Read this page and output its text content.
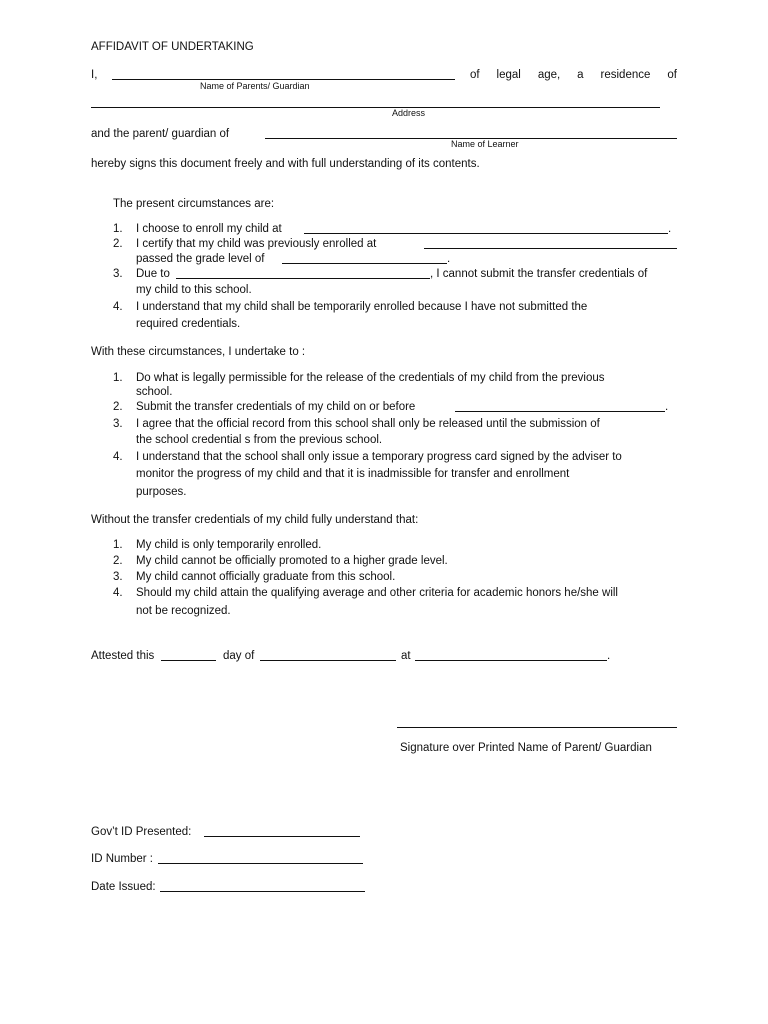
AFFIDAVIT OF UNDERTAKING
I,	of legal age, a residence of
Name of Parents/ Guardian
Address
and the parent/ guardian of
Name of Learner
hereby signs this document freely and with full understanding of its contents.
The present circumstances are:
1. I choose to enroll my child at	.
2. I certify that my child was previously enrolled at
passed the grade level of	.
3. Due to	, I cannot submit the transfer credentials of
my child to this school.
4. I understand that my child shall be temporarily enrolled because I have not submitted the
required credentials.
With these circumstances, I undertake to :
1. Do what is legally permissible for the release of the credentials of my child from the previous
school.
2. Submit the transfer credentials of my child on or before	.
3. I agree that the official record from this school shall only be released until the submission of
the school credential s from the previous school.
4. I understand that the school shall only issue a temporary progress card signed by the adviser to
monitor the progress of my child and that it is inadmissible for transfer and enrollment
purposes.
Without the transfer credentials of my child fully understand that:
1. My child is only temporarily enrolled.
2. My child cannot be officially promoted to a higher grade level.
3. My child cannot officially graduate from this school.
4. Should my child attain the qualifying average and other criteria for academic honors he/she will
not be recognized.
Attested this	day of	at	.
Signature over Printed Name of Parent/ Guardian
Gov’t ID Presented:
ID Number :
Date Issued:
